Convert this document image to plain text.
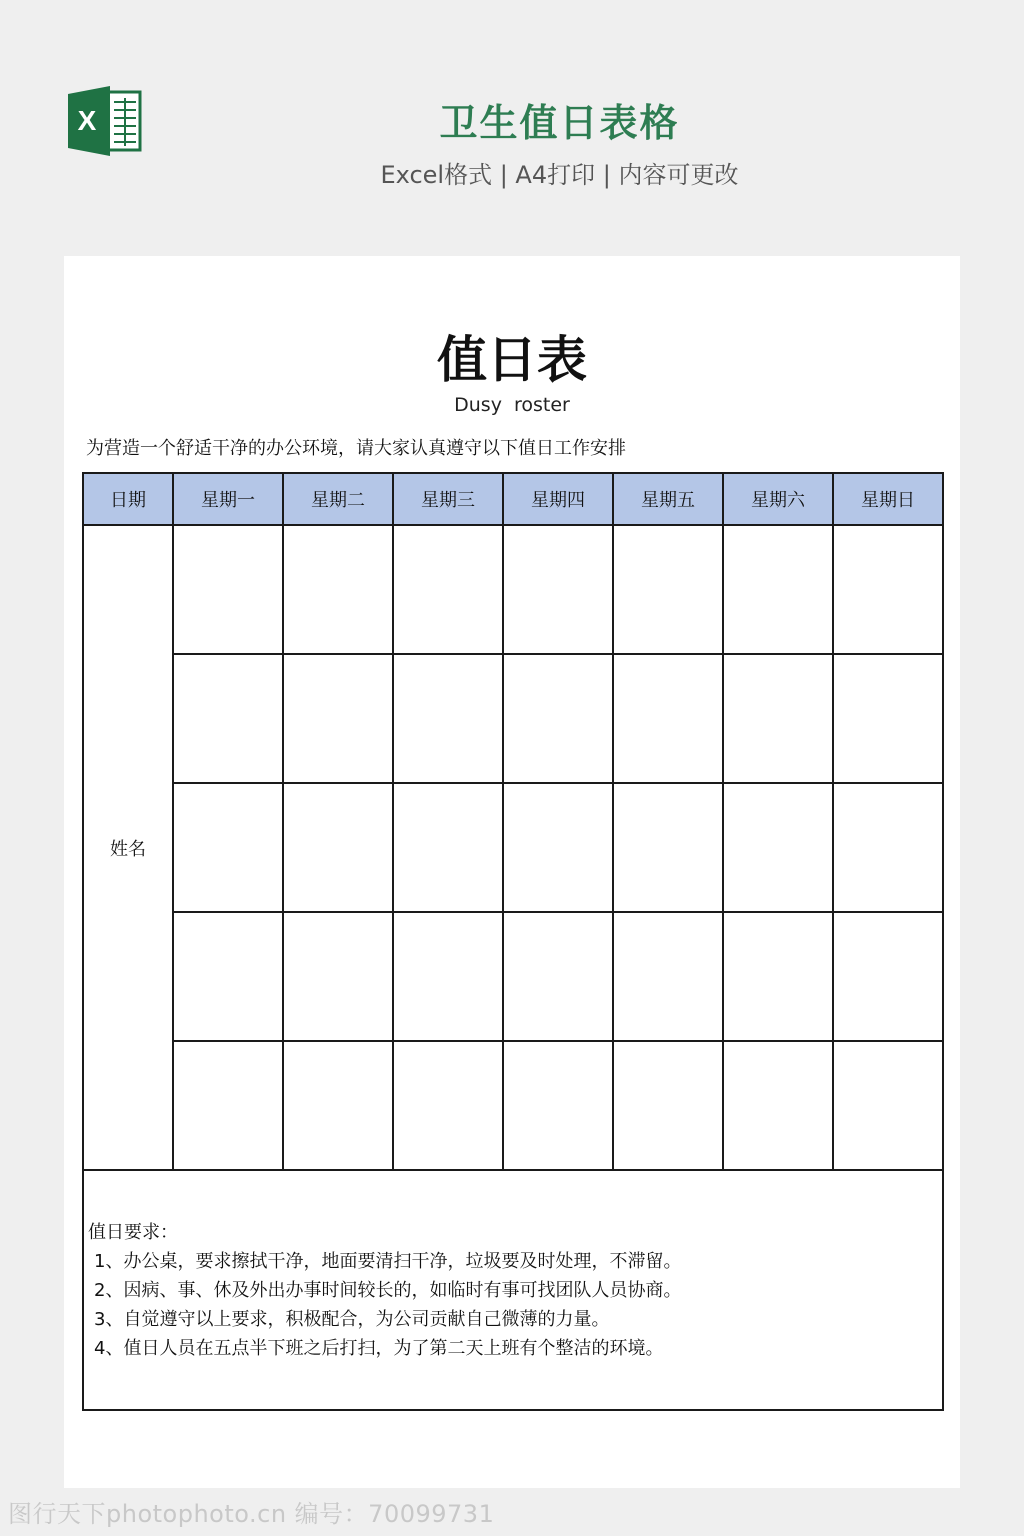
X	卫生值日表格
Excel格式 | A4打印 | 内容可更改
值日表
Dusy roster
为营造一个舒适干净的办公环境，请大家认真遵守以下值日工作安排
日期	星期一	星期二	星期三	星期四	星期五	星期六	星期日
姓名							

值日要求：
1、办公桌，要求擦拭干净，地面要清扫干净，垃圾要及时处理，不滞留。
2、因病、事、休及外出办事时间较长的，如临时有事可找团队人员协商。
3、自觉遵守以上要求，积极配合，为公司贡献自己微薄的力量。
4、值日人员在五点半下班之后打扫，为了第二天上班有个整洁的环境。							
图行天下photophoto.cn 编号：70099731
